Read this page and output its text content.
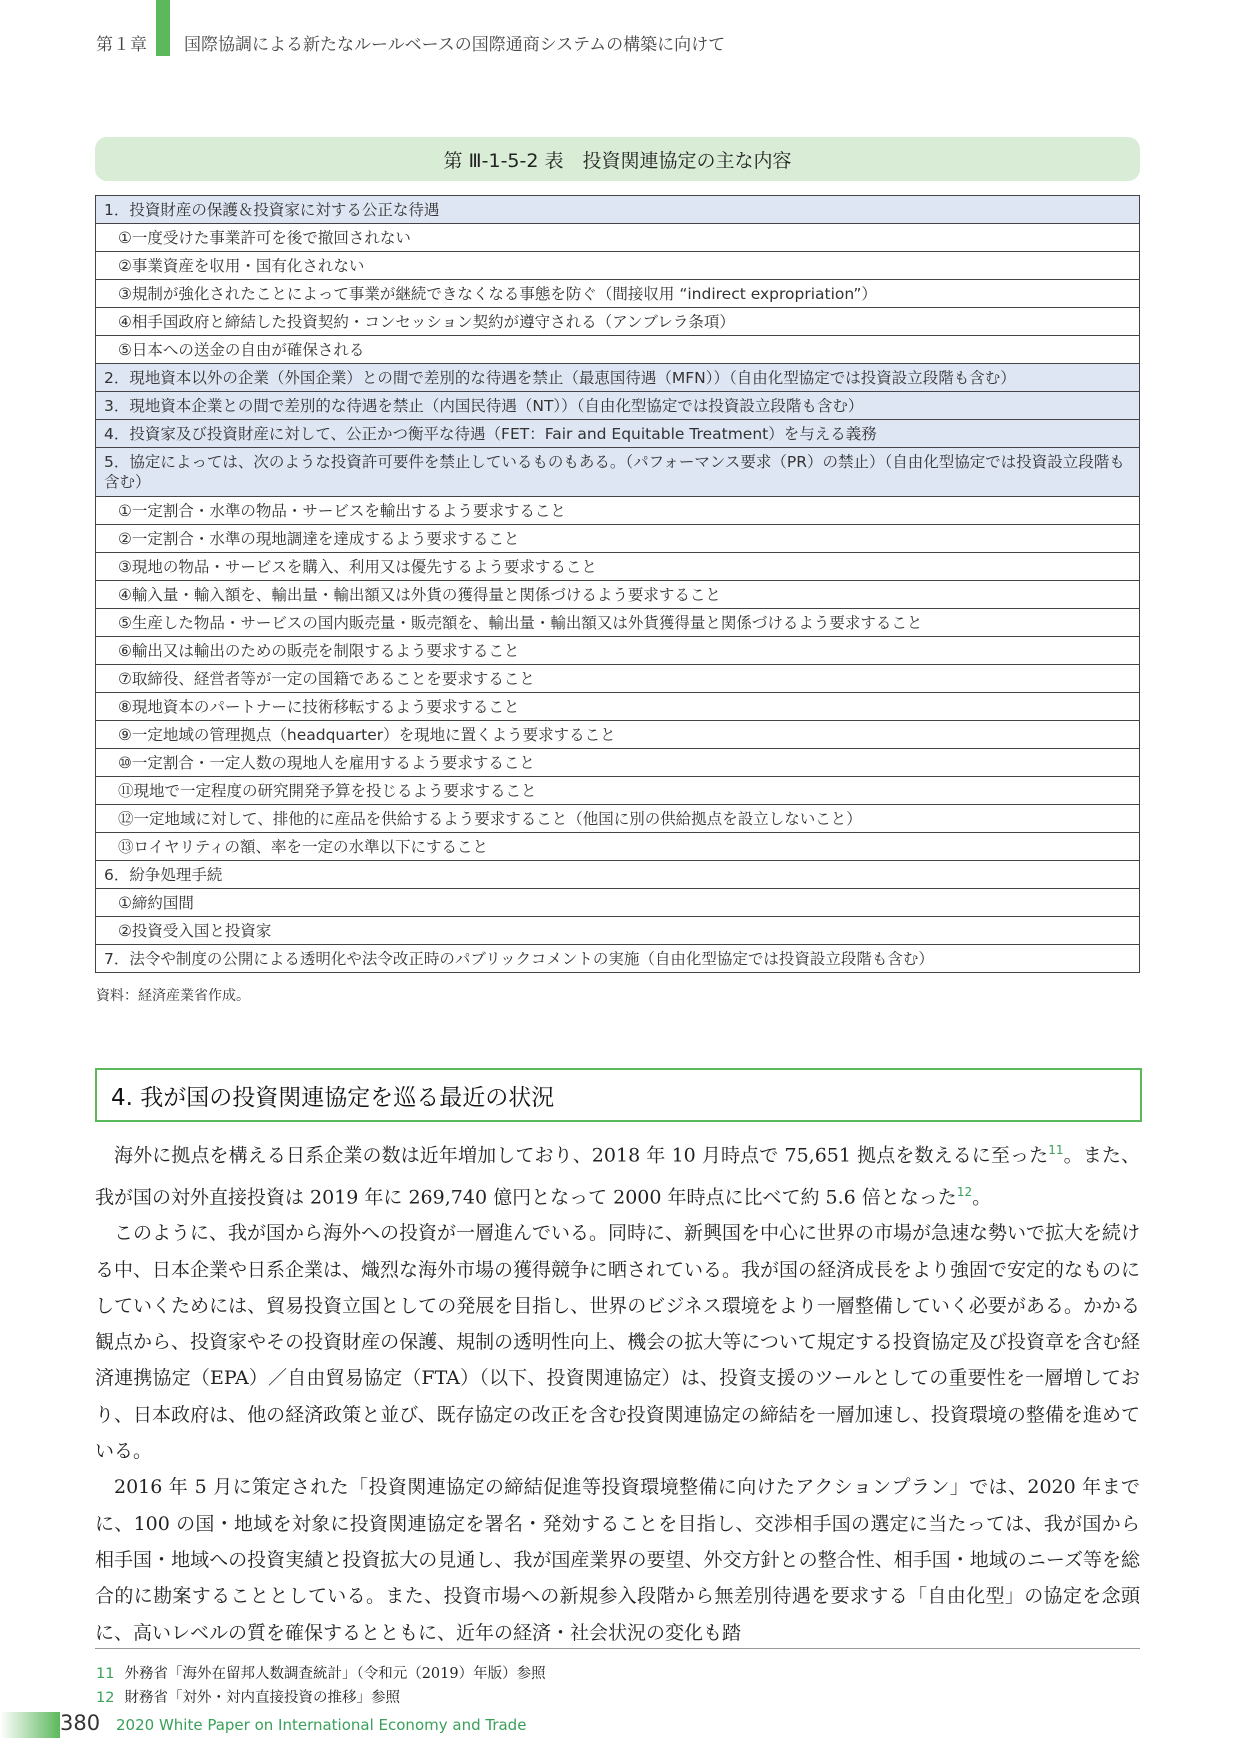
第１章 国際協調による新たなルールベースの国際通商システムの構築に向けて
第 Ⅲ-1-5-2 表　投資関連協定の主な内容
1．投資財産の保護＆投資家に対する公正な待遇
①一度受けた事業許可を後で撤回されない
②事業資産を収用・国有化されない
③規制が強化されたことによって事業が継続できなくなる事態を防ぐ（間接収用 “indirect expropriation”）
④相手国政府と締結した投資契約・コンセッション契約が遵守される（アンブレラ条項）
⑤日本への送金の自由が確保される
2．現地資本以外の企業（外国企業）との間で差別的な待遇を禁止（最恵国待遇（MFN））（自由化型協定では投資設立段階も含む）
3．現地資本企業との間で差別的な待遇を禁止（内国民待遇（NT））（自由化型協定では投資設立段階も含む）
4．投資家及び投資財産に対して、公正かつ衡平な待遇（FET：Fair and Equitable Treatment）を与える義務
5．協定によっては、次のような投資許可要件を禁止しているものもある。（パフォーマンス要求（PR）の禁止）（自由化型協定では投資設立段階も含む）
①一定割合・水準の物品・サービスを輸出するよう要求すること
②一定割合・水準の現地調達を達成するよう要求すること
③現地の物品・サービスを購入、利用又は優先するよう要求すること
④輸入量・輸入額を、輸出量・輸出額又は外貨の獲得量と関係づけるよう要求すること
⑤生産した物品・サービスの国内販売量・販売額を、輸出量・輸出額又は外貨獲得量と関係づけるよう要求すること
⑥輸出又は輸出のための販売を制限するよう要求すること
⑦取締役、経営者等が一定の国籍であることを要求すること
⑧現地資本のパートナーに技術移転するよう要求すること
⑨一定地域の管理拠点（headquarter）を現地に置くよう要求すること
⑩一定割合・一定人数の現地人を雇用するよう要求すること
⑪現地で一定程度の研究開発予算を投じるよう要求すること
⑫一定地域に対して、排他的に産品を供給するよう要求すること（他国に別の供給拠点を設立しないこと）
⑬ロイヤリティの額、率を一定の水準以下にすること
6．紛争処理手続
①締約国間
②投資受入国と投資家
7．法令や制度の公開による透明化や法令改正時のパブリックコメントの実施（自由化型協定では投資設立段階も含む）
資料：経済産業省作成。
4. 我が国の投資関連協定を巡る最近の状況

海外に拠点を構える日系企業の数は近年増加しており、2018 年 10 月時点で 75,651 拠点を数えるに至った$^{11}$。また、我が国の対外直接投資は 2019 年に 269,740 億円となって 2000 年時点に比べて約 5.6 倍となった$^{12}$。

このように、我が国から海外への投資が一層進んでいる。同時に、新興国を中心に世界の市場が急速な勢いで拡大を続ける中、日本企業や日系企業は、熾烈な海外市場の獲得競争に晒されている。我が国の経済成長をより強固で安定的なものにしていくためには、貿易投資立国としての発展を目指し、世界のビジネス環境をより一層整備していく必要がある。かかる観点から、投資家やその投資財産の保護、規制の透明性向上、機会の拡大等について規定する投資協定及び投資章を含む経済連携協定（EPA）／自由貿易協定（FTA）（以下、投資関連協定）は、投資支援のツールとしての重要性を一層増しており、日本政府は、他の経済政策と並び、既存協定の改正を含む投資関連協定の締結を一層加速し、投資環境の整備を進めている。

2016 年 5 月に策定された「投資関連協定の締結促進等投資環境整備に向けたアクションプラン」では、2020 年までに、100 の国・地域を対象に投資関連協定を署名・発効することを目指し、交渉相手国の選定に当たっては、我が国から相手国・地域への投資実績と投資拡大の見通し、我が国産業界の要望、外交方針との整合性、相手国・地域のニーズ等を総合的に勘案することとしている。また、投資市場への新規参入段階から無差別待遇を要求する「自由化型」の協定を念頭に、高いレベルの質を確保するとともに、近年の経済・社会状況の変化も踏

11 外務省「海外在留邦人数調査統計」（令和元（2019）年版）参照
12 財務省「対外・対内直接投資の推移」参照
380 2020 White Paper on International Economy and Trade
